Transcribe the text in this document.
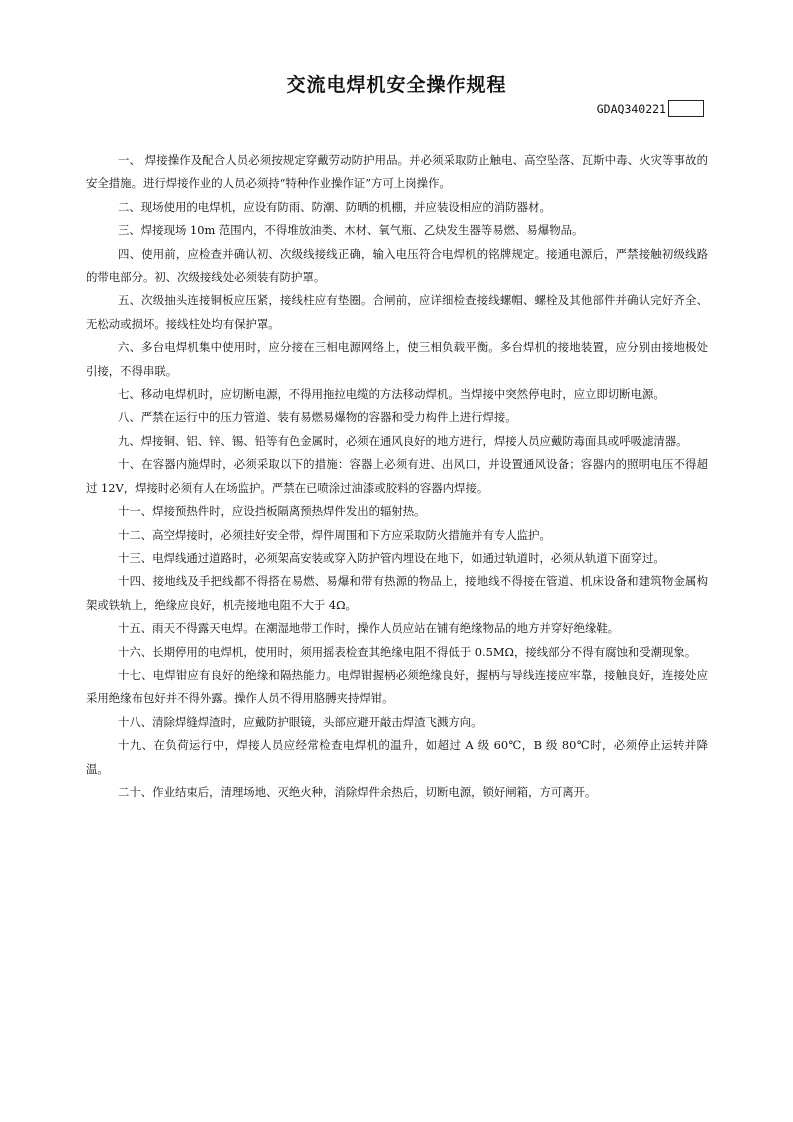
交流电焊机安全操作规程
GDAQ340221

一、 焊接操作及配合人员必须按规定穿戴劳动防护用品。并必须采取防止触电、高空坠落、瓦斯中毒、火灾等事故的安全措施。进行焊接作业的人员必须持“特种作业操作证”方可上岗操作。

二、现场使用的电焊机，应设有防雨、防潮、防晒的机棚，并应装设相应的消防器材。

三、焊接现场 10m 范围内，不得堆放油类、木材、氧气瓶、乙炔发生器等易燃、易爆物品。

四、使用前，应检查并确认初、次级线接线正确，输入电压符合电焊机的铭牌规定。接通电源后，严禁接触初级线路的带电部分。初、次级接线处必须装有防护罩。

五、次级抽头连接铜板应压紧，接线柱应有垫圈。合闸前，应详细检查接线螺帽、螺栓及其他部件并确认完好齐全、无松动或损坏。接线柱处均有保护罩。

六、多台电焊机集中使用时，应分接在三相电源网络上，使三相负载平衡。多台焊机的接地装置，应分别由接地极处引接，不得串联。

七、移动电焊机时，应切断电源，不得用拖拉电缆的方法移动焊机。当焊接中突然停电时，应立即切断电源。

八、严禁在运行中的压力管道、装有易燃易爆物的容器和受力构件上进行焊接。

九、焊接铜、铝、锌、锡、铅等有色金属时，必须在通风良好的地方进行，焊接人员应戴防毒面具或呼吸滤清器。

十、在容器内施焊时，必须采取以下的措施：容器上必须有进、出风口，并设置通风设备；容器内的照明电压不得超过 12V，焊接时必须有人在场监护。严禁在已喷涂过油漆或胶料的容器内焊接。

十一、焊接预热件时，应设挡板隔离预热焊件发出的辐射热。

十二、高空焊接时，必须挂好安全带，焊件周围和下方应采取防火措施并有专人监护。

十三、电焊线通过道路时，必须架高安装或穿入防护管内埋设在地下，如通过轨道时，必须从轨道下面穿过。

十四、接地线及手把线都不得搭在易燃、易爆和带有热源的物品上，接地线不得接在管道、机床设备和建筑物金属构架或铁轨上，绝缘应良好，机壳接地电阻不大于 4Ω。

十五、雨天不得露天电焊。在潮湿地带工作时，操作人员应站在铺有绝缘物品的地方并穿好绝缘鞋。

十六、长期停用的电焊机，使用时，须用摇表检查其绝缘电阻不得低于 0.5MΩ，接线部分不得有腐蚀和受潮现象。

十七、电焊钳应有良好的绝缘和隔热能力。电焊钳握柄必须绝缘良好，握柄与导线连接应牢靠，接触良好，连接处应采用绝缘布包好并不得外露。操作人员不得用胳膊夹持焊钳。

十八、清除焊缝焊渣时，应戴防护眼镜，头部应避开敲击焊渣飞溅方向。

十九、在负荷运行中，焊接人员应经常检查电焊机的温升，如超过 A 级 60℃，B 级 80℃时，必须停止运转并降温。

二十、作业结束后，清理场地、灭绝火种，消除焊件余热后，切断电源，锁好闸箱，方可离开。
